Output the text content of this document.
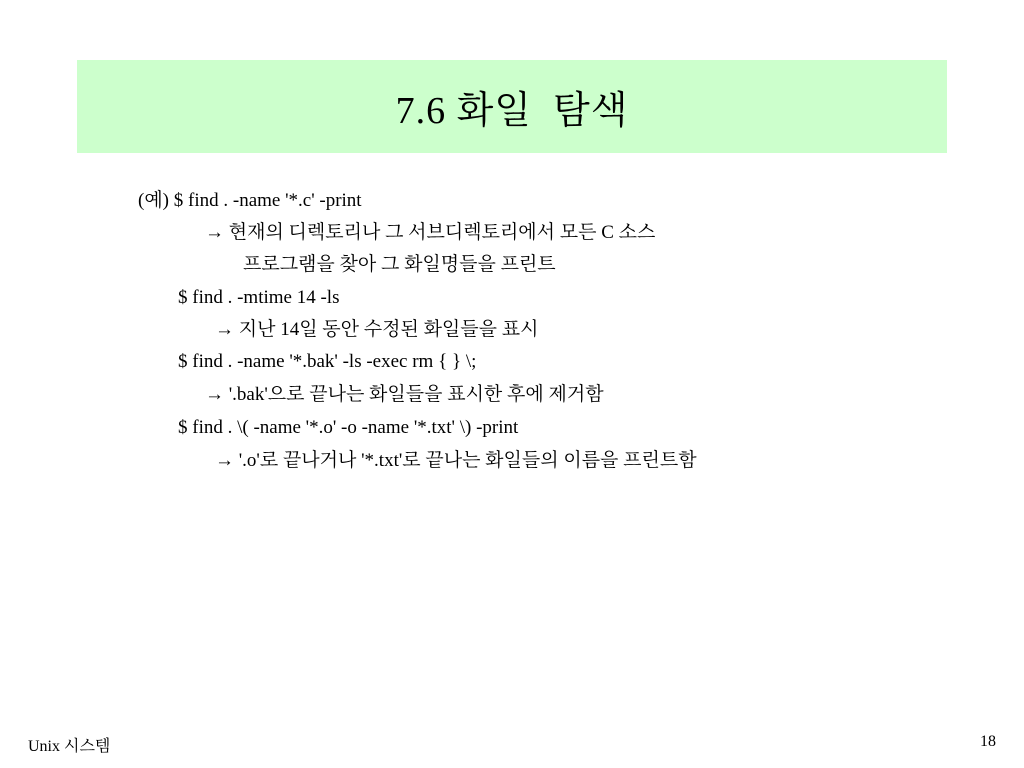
7.6 화일  탐색
(예) $ find . -name '*.c' -print
→ 현재의 디렉토리나 그 서브디렉토리에서 모든 C 소스
프로그램을 찾아 그 화일명들을 프린트
$ find . -mtime 14 -ls
→ 지난 14일 동안 수정된 화일들을 표시
$ find . -name '*.bak' -ls -exec rm { } \;
→ '.bak'으로 끝나는 화일들을 표시한 후에 제거함
$ find . \( -name '*.o' -o -name '*.txt' \) -print
→ '.o'로 끝나거나 '*.txt'로 끝나는 화일들의 이름을 프린트함
Unix 시스템	18
